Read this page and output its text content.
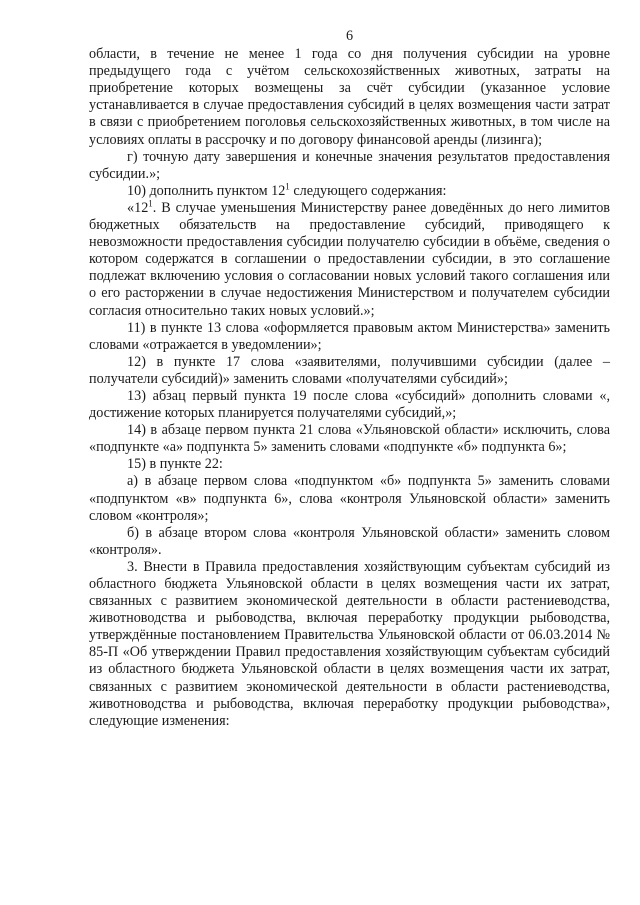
6

области, в течение не менее 1 года со дня получения субсидии на уровне предыдущего года с учётом сельскохозяйственных животных, затраты на приобретение которых возмещены за счёт субсидии (указанное условие устанавливается в случае предоставления субсидий в целях возмещения части затрат в связи с приобретением поголовья сельскохозяйственных животных, в том числе на условиях оплаты в рассрочку и по договору финансовой аренды (лизинга);

г) точную дату завершения и конечные значения результатов предоставления субсидии.»;

10) дополнить пунктом $12^1$ следующего содержания:

«$12^1$. В случае уменьшения Министерству ранее доведённых до него лимитов бюджетных обязательств на предоставление субсидий, приводящего к невозможности предоставления субсидии получателю субсидии в объёме, сведения о котором содержатся в соглашении о предоставлении субсидии, в это соглашение подлежат включению условия о согласовании новых условий такого соглашения или о его расторжении в случае недостижения Министерством и получателем субсидии согласия относительно таких новых условий.»;

11) в пункте 13 слова «оформляется правовым актом Министерства» заменить словами «отражается в уведомлении»;

12) в пункте 17 слова «заявителями, получившими субсидии (далее – получатели субсидий)» заменить словами «получателями субсидий»;

13) абзац первый пункта 19 после слова «субсидий» дополнить словами «, достижение которых планируется получателями субсидий,»;

14) в абзаце первом пункта 21 слова «Ульяновской области» исключить, слова «подпункте «а» подпункта 5» заменить словами «подпункте «б» подпункта 6»;

15) в пункте 22:

а) в абзаце первом слова «подпунктом «б» подпункта 5» заменить словами «подпунктом «в» подпункта 6», слова «контроля Ульяновской области» заменить словом «контроля»;

б) в абзаце втором слова «контроля Ульяновской области» заменить словом «контроля».

3. Внести в Правила предоставления хозяйствующим субъектам субсидий из областного бюджета Ульяновской области в целях возмещения части их затрат, связанных с развитием экономической деятельности в области растениеводства, животноводства и рыбоводства, включая переработку продукции рыбоводства, утверждённые постановлением Правительства Ульяновской области от 06.03.2014 № 85-П «Об утверждении Правил предоставления хозяйствующим субъектам субсидий из областного бюджета Ульяновской области в целях возмещения части их затрат, связанных с развитием экономической деятельности в области растениеводства, животноводства и рыбоводства, включая переработку продукции рыбоводства», следующие изменения:
